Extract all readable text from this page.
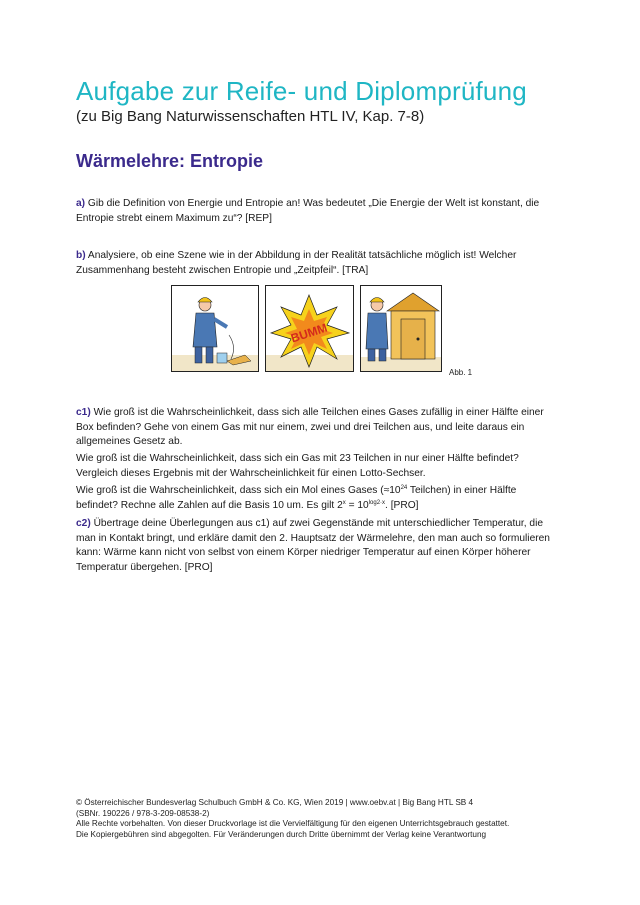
Aufgabe zur Reife- und Diplomprüfung
(zu Big Bang Naturwissenschaften HTL IV, Kap. 7-8)
Wärmelehre: Entropie
a) Gib die Definition von Energie und Entropie an! Was bedeutet „Die Energie der Welt ist konstant, die Entropie strebt einem Maximum zu“? [REP]
b) Analysiere, ob eine Szene wie in der Abbildung in der Realität tatsächliche möglich ist! Welcher Zusammenhang besteht zwischen Entropie und „Zeitpfeil“. [TRA]
BUMM
Abb. 1
c1) Wie groß ist die Wahrscheinlichkeit, dass sich alle Teilchen eines Gases zufällig in einer Hälfte einer Box befinden? Gehe von einem Gas mit nur einem, zwei und drei Teilchen aus, und leite daraus ein allgemeines Gesetz ab.
Wie groß ist die Wahrscheinlichkeit, dass sich ein Gas mit 23 Teilchen in nur einer Hälfte befindet? Vergleich dieses Ergebnis mit der Wahrscheinlichkeit für einen Lotto-Sechser.
Wie groß ist die Wahrscheinlichkeit, dass sich ein Mol eines Gases ($\approx 10^{24}$ Teilchen) in einer Hälfte befindet? Rechne alle Zahlen auf die Basis 10 um. Es gilt $2^x = 10^{log2\cdot x}$. [PRO]
c2) Übertrage deine Überlegungen aus c1) auf zwei Gegenstände mit unterschiedlicher Temperatur, die man in Kontakt bringt, und erkläre damit den 2. Hauptsatz der Wärmelehre, den man auch so formulieren kann: Wärme kann nicht von selbst von einem Körper niedriger Temperatur auf einen Körper höherer Temperatur übergehen. [PRO]
© Österreichischer Bundesverlag Schulbuch GmbH & Co. KG, Wien 2019 | www.oebv.at | Big Bang HTL SB 4
(SBNr. 190226 / 978-3-209-08538-2)
Alle Rechte vorbehalten. Von dieser Druckvorlage ist die Vervielfältigung für den eigenen Unterrichtsgebrauch gestattet.
Die Kopiergebühren sind abgegolten. Für Veränderungen durch Dritte übernimmt der Verlag keine Verantwortung
